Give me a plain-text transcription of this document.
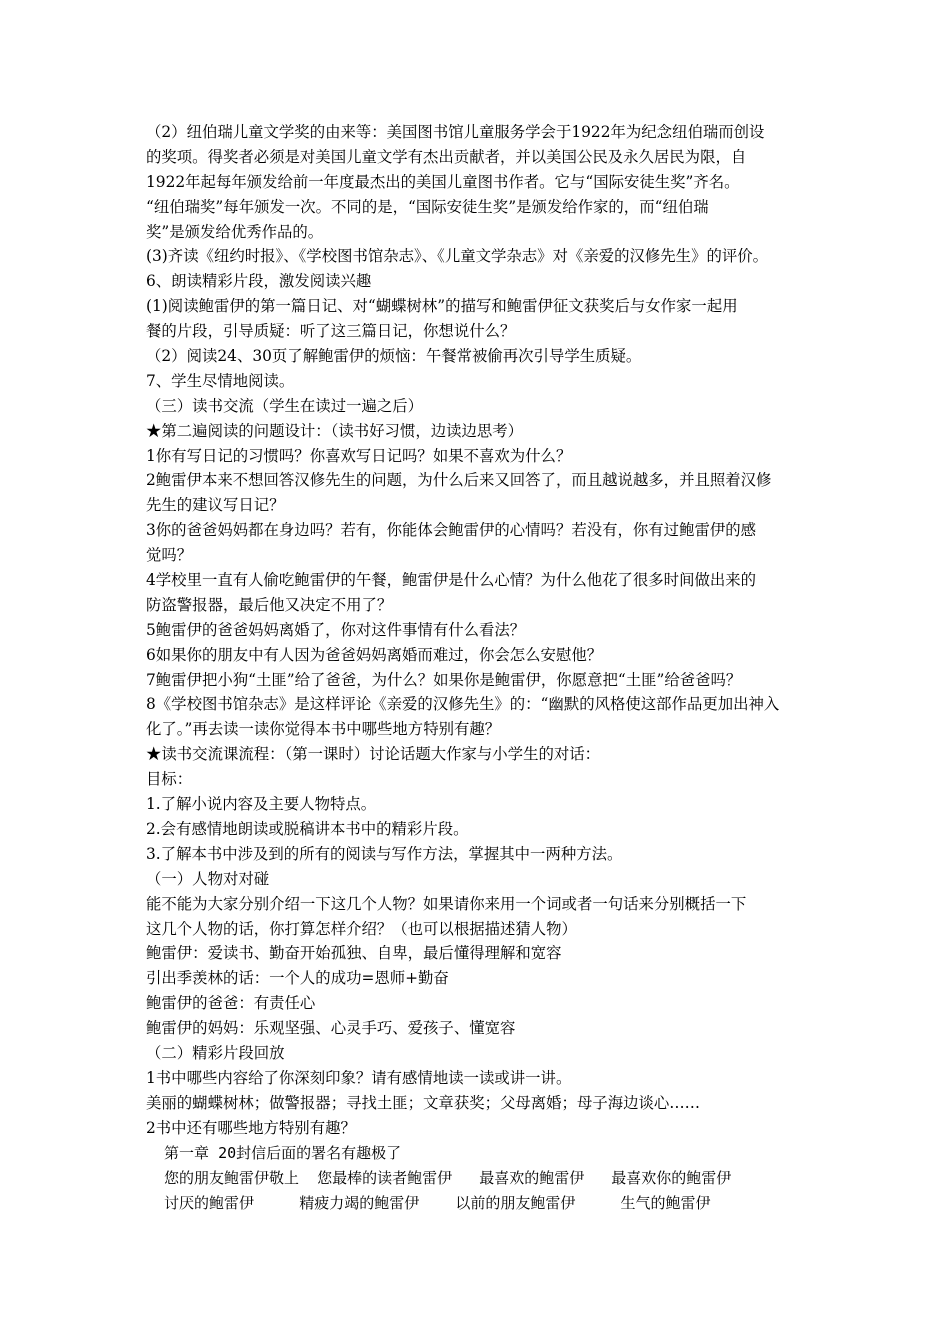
（2）纽伯瑞儿童文学奖的由来等：美国图书馆儿童服务学会于1922年为纪念纽伯瑞而创设
的奖项。得奖者必须是对美国儿童文学有杰出贡献者，并以美国公民及永久居民为限，自
1922年起每年颁发给前一年度最杰出的美国儿童图书作者。它与“国际安徒生奖”齐名。
“纽伯瑞奖”每年颁发一次。不同的是，“国际安徒生奖”是颁发给作家的，而“纽伯瑞
奖”是颁发给优秀作品的。
(3)齐读《纽约时报》、《学校图书馆杂志》、《儿童文学杂志》对《亲爱的汉修先生》的评价。
6、朗读精彩片段，激发阅读兴趣
(1)阅读鲍雷伊的第一篇日记、对“蝴蝶树林”的描写和鲍雷伊征文获奖后与女作家一起用
餐的片段，引导质疑：听了这三篇日记，你想说什么？
（2）阅读24、30页了解鲍雷伊的烦恼：午餐常被偷再次引导学生质疑。
7、学生尽情地阅读。
（三）读书交流（学生在读过一遍之后）
★第二遍阅读的问题设计：（读书好习惯，边读边思考）
1你有写日记的习惯吗？你喜欢写日记吗？如果不喜欢为什么？
2鲍雷伊本来不想回答汉修先生的问题，为什么后来又回答了，而且越说越多，并且照着汉修
先生的建议写日记？
3你的爸爸妈妈都在身边吗？若有，你能体会鲍雷伊的心情吗？若没有，你有过鲍雷伊的感
觉吗？
4学校里一直有人偷吃鲍雷伊的午餐，鲍雷伊是什么心情？为什么他花了很多时间做出来的
防盗警报器，最后他又决定不用了？
5鲍雷伊的爸爸妈妈离婚了，你对这件事情有什么看法？
6如果你的朋友中有人因为爸爸妈妈离婚而难过，你会怎么安慰他？
7鲍雷伊把小狗“土匪”给了爸爸，为什么？如果你是鲍雷伊，你愿意把“土匪”给爸爸吗？
8《学校图书馆杂志》是这样评论《亲爱的汉修先生》的：“幽默的风格使这部作品更加出神入
化了。”再去读一读你觉得本书中哪些地方特别有趣？
★读书交流课流程：（第一课时）讨论话题大作家与小学生的对话：
目标：
1.了解小说内容及主要人物特点。
2.会有感情地朗读或脱稿讲本书中的精彩片段。
3.了解本书中涉及到的所有的阅读与写作方法，掌握其中一两种方法。
（一）人物对对碰
能不能为大家分别介绍一下这几个人物？如果请你来用一个词或者一句话来分别概括一下
这几个人物的话，你打算怎样介绍？（也可以根据描述猜人物）
鲍雷伊：爱读书、勤奋开始孤独、自卑，最后懂得理解和宽容
引出季羡林的话：一个人的成功=恩师+勤奋
鲍雷伊的爸爸：有责任心
鲍雷伊的妈妈：乐观坚强、心灵手巧、爱孩子、懂宽容
（二）精彩片段回放
1书中哪些内容给了你深刻印象？请有感情地读一读或讲一讲。
美丽的蝴蝶树林；做警报器；寻找土匪；文章获奖；父母离婚；母子海边谈心……
2书中还有哪些地方特别有趣？
第一章 20封信后面的署名有趣极了
您的朋友鲍雷伊敬上  您最棒的读者鲍雷伊   最喜欢的鲍雷伊   最喜欢你的鲍雷伊
讨厌的鲍雷伊     精疲力竭的鲍雷伊    以前的朋友鲍雷伊     生气的鲍雷伊
